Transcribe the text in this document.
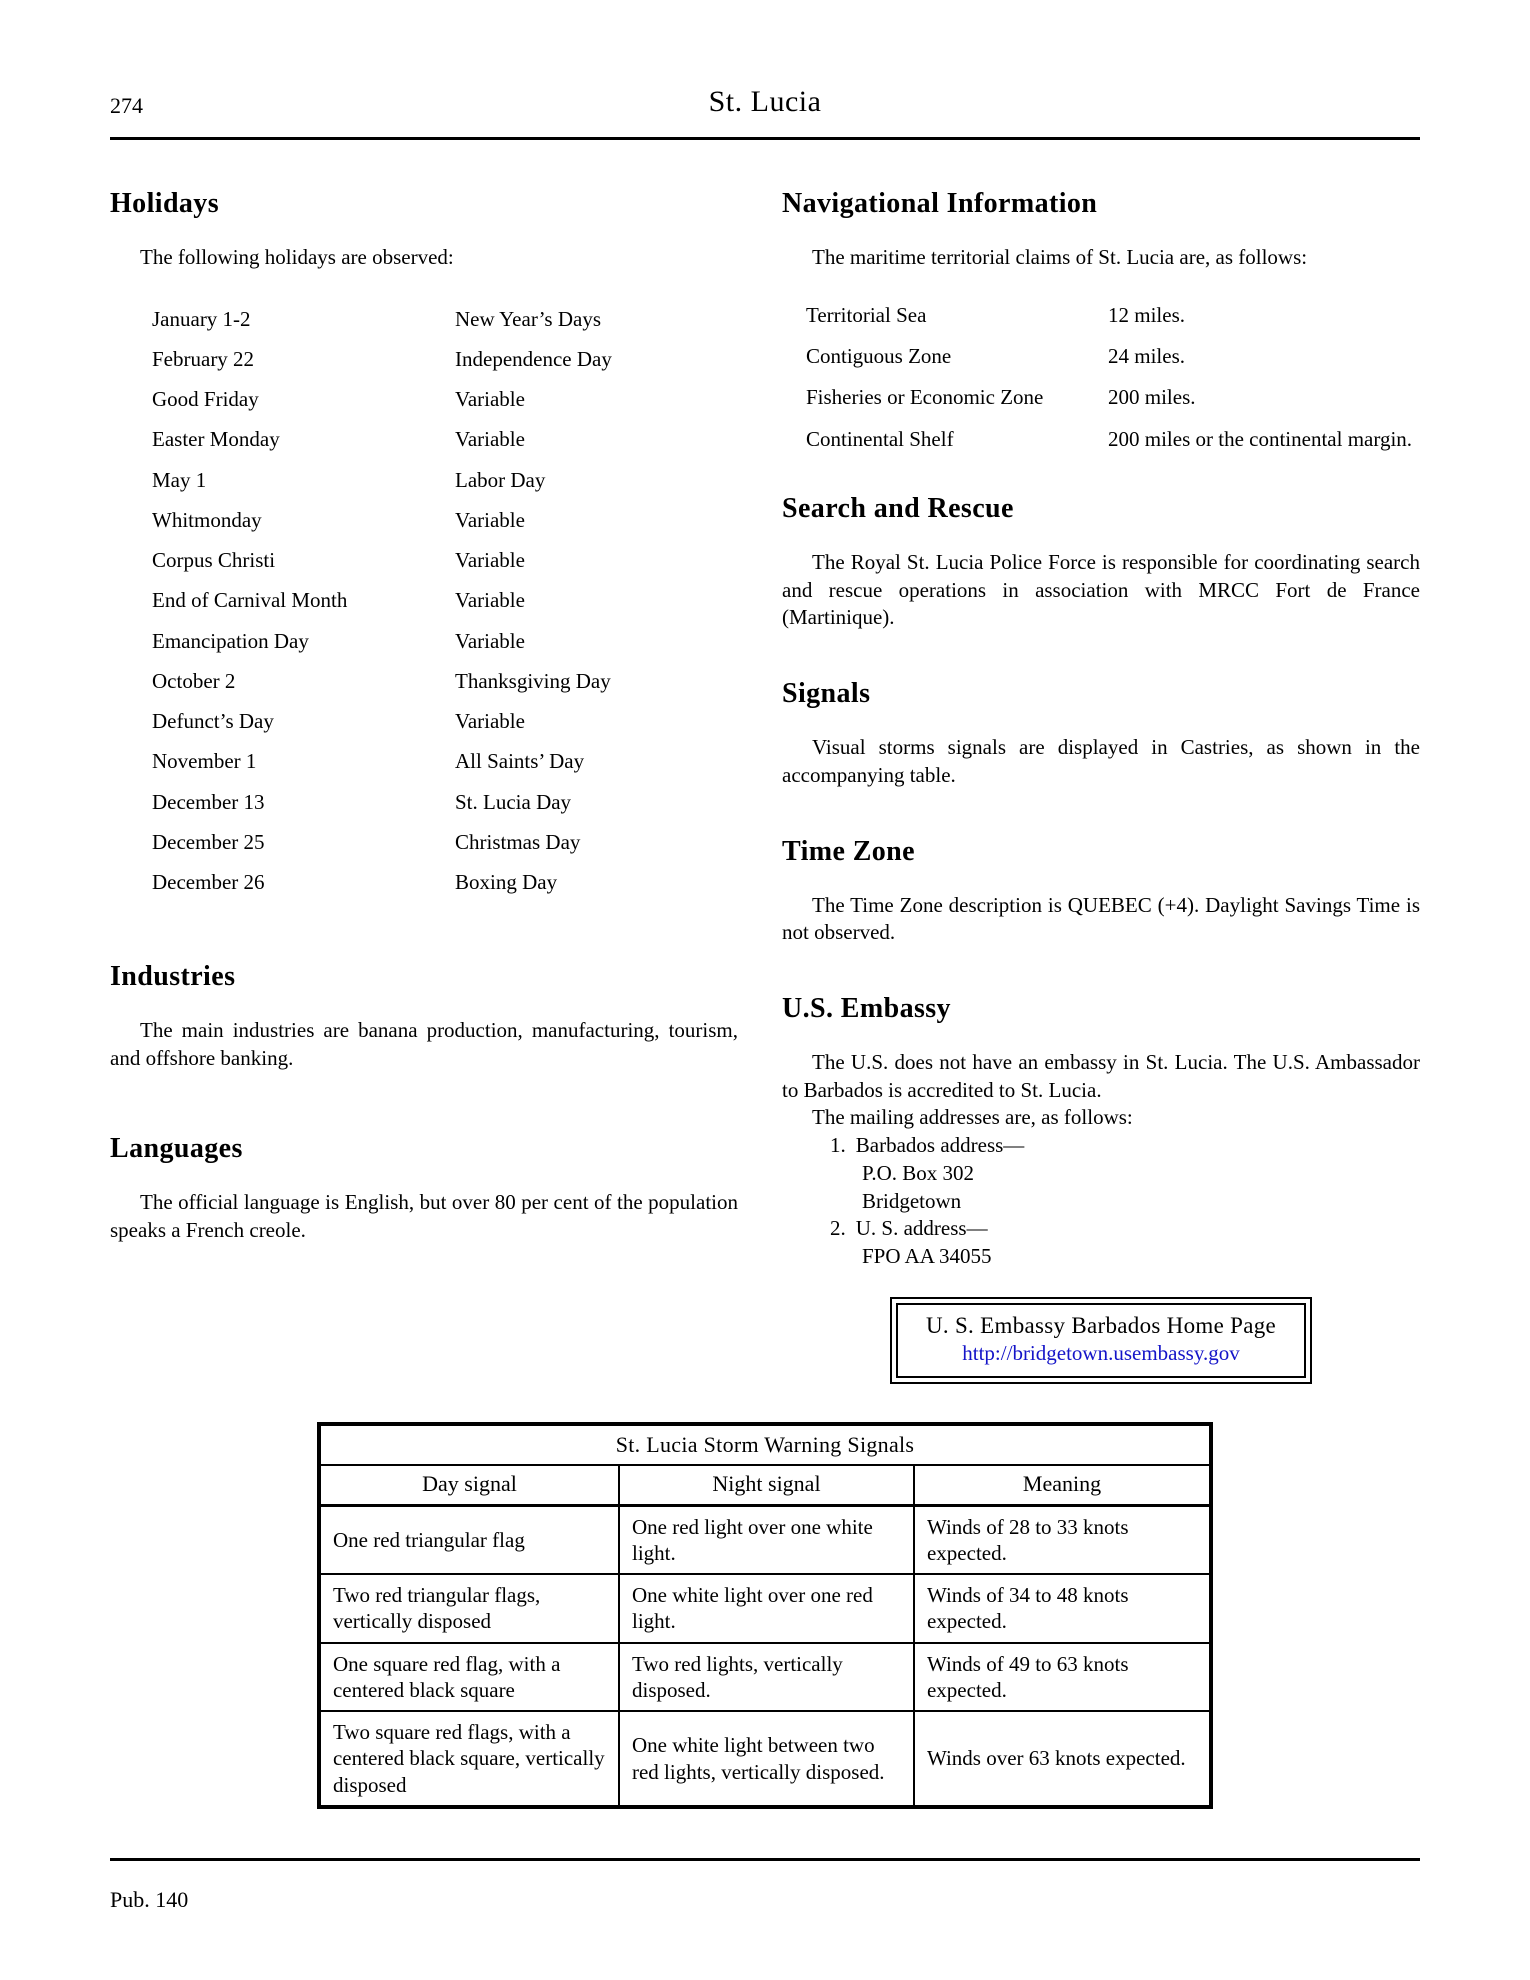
274	St. Lucia
Holidays

The following holidays are observed:

January 1-2	New Year’s Days
February 22	Independence Day
Good Friday	Variable
Easter Monday	Variable
May 1	Labor Day
Whitmonday	Variable
Corpus Christi	Variable
End of Carnival Month	Variable
Emancipation Day	Variable
October 2	Thanksgiving Day
Defunct’s Day	Variable
November 1	All Saints’ Day
December 13	St. Lucia Day
December 25	Christmas Day
December 26	Boxing Day
Industries

The main industries are banana production, manufacturing, tourism, and offshore banking.

Languages

The official language is English, but over 80 per cent of the population speaks a French creole.

Navigational Information

The maritime territorial claims of St. Lucia are, as follows:

Territorial Sea	12 miles.
Contiguous Zone	24 miles.
Fisheries or Economic Zone	200 miles.
Continental Shelf	200 miles or the continental margin.
Search and Rescue

The Royal St. Lucia Police Force is responsible for coordinating search and rescue operations in association with MRCC Fort de France (Martinique).

Signals

Visual storms signals are displayed in Castries, as shown in the accompanying table.

Time Zone

The Time Zone description is QUEBEC (+4). Daylight Savings Time is not observed.

U.S. Embassy

The U.S. does not have an embassy in St. Lucia. The U.S. Ambassador to Barbados is accredited to St. Lucia.

The mailing addresses are, as follows:

1. Barbados address—
P.O. Box 302
Bridgetown
2. U. S. address—
FPO AA 34055
U. S. Embassy Barbados Home Page
http://bridgetown.usembassy.gov
St. Lucia Storm Warning Signals		
Day signal	Night signal	Meaning
One red triangular flag	One red light over one white light.	Winds of 28 to 33 knots expected.
Two red triangular flags, vertically disposed	One white light over one red light.	Winds of 34 to 48 knots expected.
One square red flag, with a centered black square	Two red lights, vertically disposed.	Winds of 49 to 63 knots expected.
Two square red flags, with a centered black square, vertically disposed	One white light between two red lights, vertically disposed.	Winds over 63 knots expected.
Pub. 140
